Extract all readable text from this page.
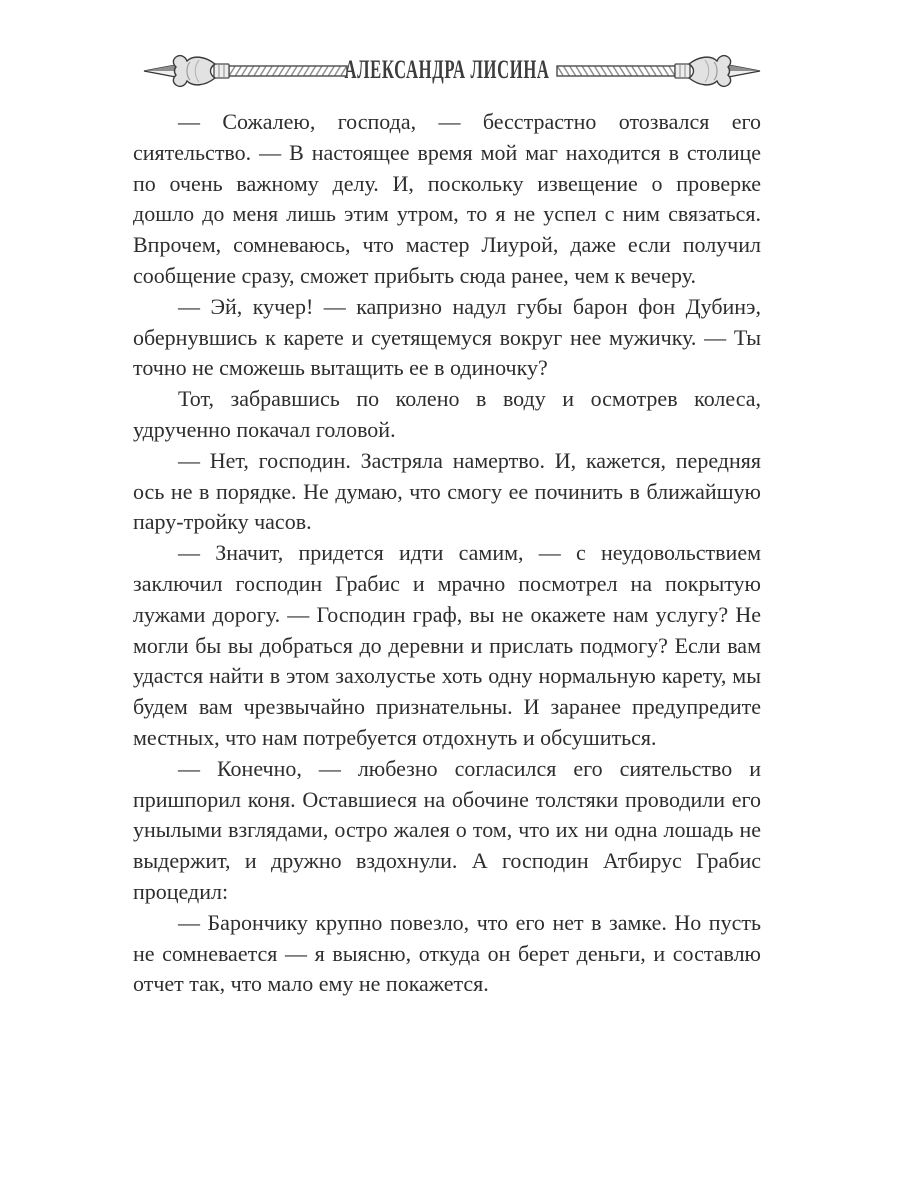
АЛЕКСАНДРА ЛИСИНА

— Сожалею, господа, — бесстрастно отозвался его сиятельство. — В настоящее время мой маг находится в столице по очень важному делу. И, поскольку извещение о проверке дошло до меня лишь этим утром, то я не успел с ним связаться. Впрочем, сомневаюсь, что мастер Лиурой, даже если получил сообщение сразу, сможет прибыть сюда ранее, чем к вечеру.

— Эй, кучер! — капризно надул губы барон фон Дубинэ, обернувшись к карете и суетящемуся вокруг нее мужичку. — Ты точно не сможешь вытащить ее в одиночку?

Тот, забравшись по колено в воду и осмотрев колеса, удрученно покачал головой.

— Нет, господин. Застряла намертво. И, кажется, передняя ось не в порядке. Не думаю, что смогу ее починить в ближайшую пару-тройку часов.

— Значит, придется идти самим, — с неудовольствием заключил господин Грабис и мрачно посмотрел на покрытую лужами дорогу. — Господин граф, вы не окажете нам услугу? Не могли бы вы добраться до деревни и прислать подмогу? Если вам удастся найти в этом захолустье хоть одну нормальную карету, мы будем вам чрезвычайно признательны. И заранее предупредите местных, что нам потребуется отдохнуть и обсушиться.

— Конечно, — любезно согласился его сиятельство и пришпорил коня. Оставшиеся на обочине толстяки проводили его унылыми взглядами, остро жалея о том, что их ни одна лошадь не выдержит, и дружно вздохнули. А господин Атбирус Грабис процедил:

— Барончику крупно повезло, что его нет в замке. Но пусть не сомневается — я выясню, откуда он берет деньги, и составлю отчет так, что мало ему не покажется.
